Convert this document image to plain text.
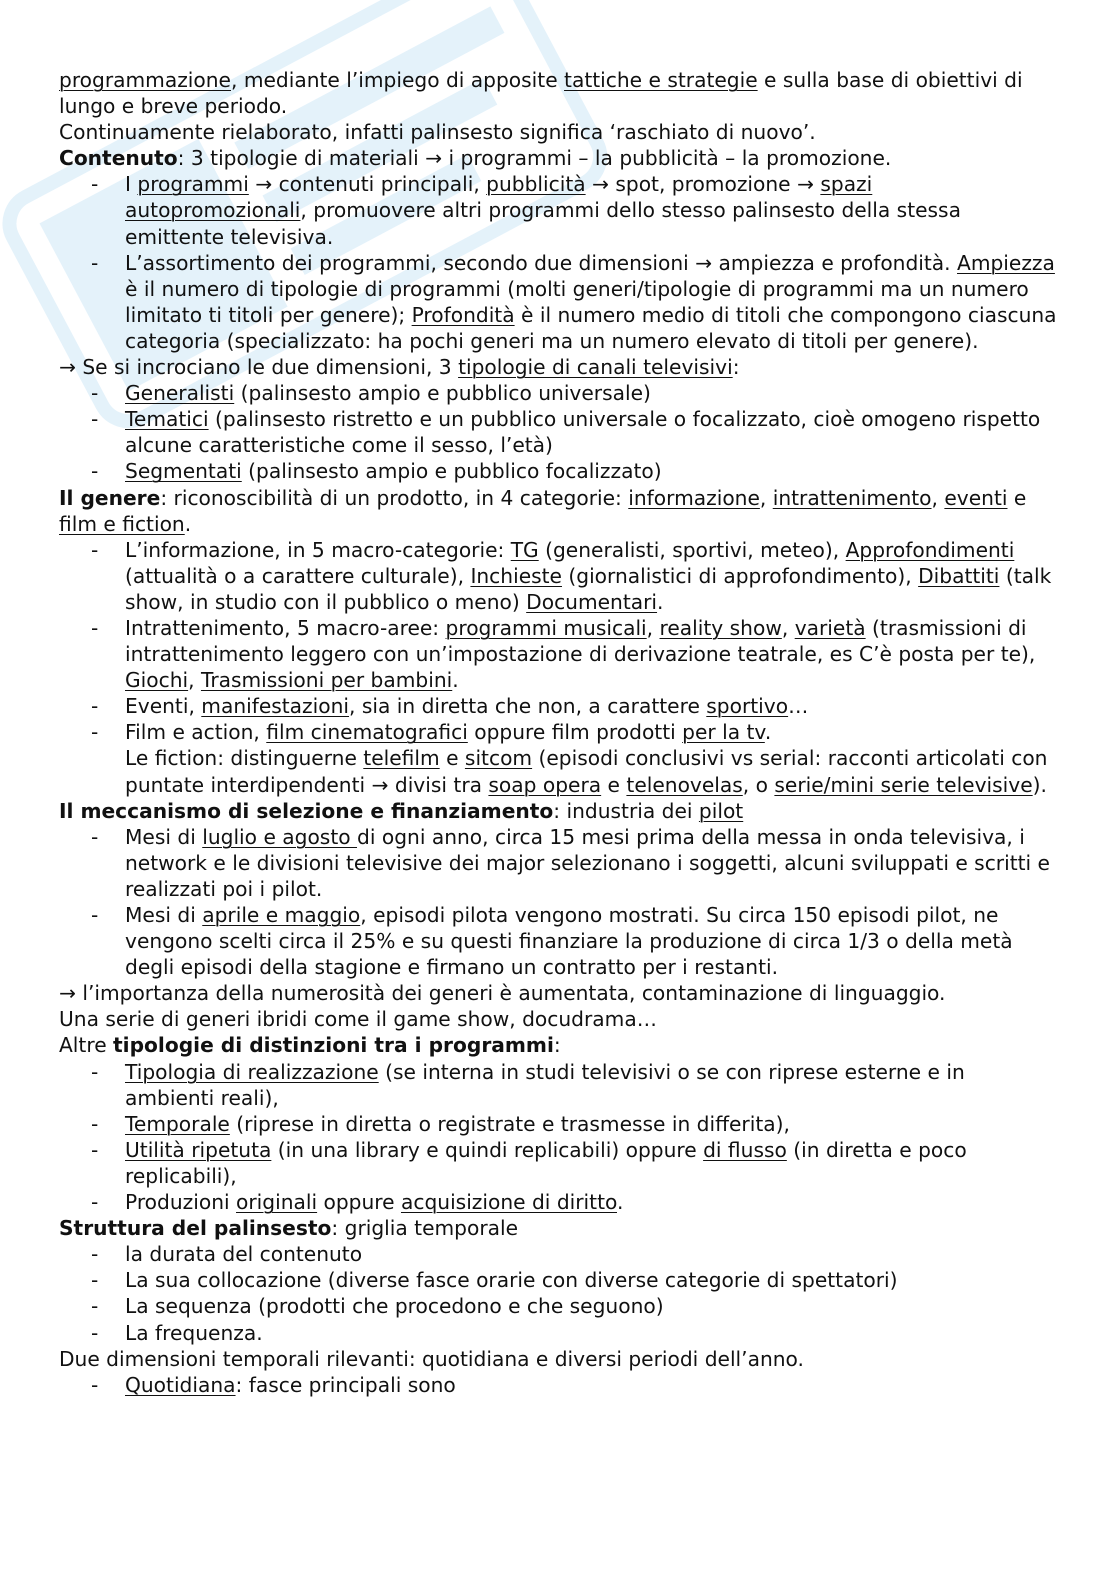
programmazione, mediante l’impiego di apposite tattiche e strategie e sulla base di obiettivi di lungo e breve periodo.
Continuamente rielaborato, infatti palinsesto significa ‘raschiato di nuovo’.
Contenuto: 3 tipologie di materiali → i programmi – la pubblicità – la promozione.
- I programmi → contenuti principali, pubblicità → spot, promozione → spazi autopromozionali, promuovere altri programmi dello stesso palinsesto della stessa emittente televisiva.
- L’assortimento dei programmi, secondo due dimensioni → ampiezza e profondità. Ampiezza è il numero di tipologie di programmi (molti generi/tipologie di programmi ma un numero limitato ti titoli per genere); Profondità è il numero medio di titoli che compongono ciascuna categoria (specializzato: ha pochi generi ma un numero elevato di titoli per genere).
→ Se si incrociano le due dimensioni, 3 tipologie di canali televisivi:
- Generalisti (palinsesto ampio e pubblico universale)
- Tematici (palinsesto ristretto e un pubblico universale o focalizzato, cioè omogeno rispetto alcune caratteristiche come il sesso, l’età)
- Segmentati (palinsesto ampio e pubblico focalizzato)
Il genere: riconoscibilità di un prodotto, in 4 categorie: informazione, intrattenimento, eventi e film e fiction.
- L’informazione, in 5 macro-categorie: TG (generalisti, sportivi, meteo), Approfondimenti (attualità o a carattere culturale), Inchieste (giornalistici di approfondimento), Dibattiti (talk show, in studio con il pubblico o meno) Documentari.
- Intrattenimento, 5 macro-aree: programmi musicali, reality show, varietà (trasmissioni di intrattenimento leggero con un’impostazione di derivazione teatrale, es C’è posta per te), Giochi, Trasmissioni per bambini.
- Eventi, manifestazioni, sia in diretta che non, a carattere sportivo…
- Film e action, film cinematografici oppure film prodotti per la tv.
Le fiction: distinguerne telefilm e sitcom (episodi conclusivi vs serial: racconti articolati con puntate interdipendenti → divisi tra soap opera e telenovelas, o serie/mini serie televisive).
Il meccanismo di selezione e finanziamento: industria dei pilot
- Mesi di luglio e agosto di ogni anno, circa 15 mesi prima della messa in onda televisiva, i network e le divisioni televisive dei major selezionano i soggetti, alcuni sviluppati e scritti e realizzati poi i pilot.
- Mesi di aprile e maggio, episodi pilota vengono mostrati. Su circa 150 episodi pilot, ne vengono scelti circa il 25% e su questi finanziare la produzione di circa 1/3 o della metà degli episodi della stagione e firmano un contratto per i restanti.
→ l’importanza della numerosità dei generi è aumentata, contaminazione di linguaggio.
Una serie di generi ibridi come il game show, docudrama…
Altre tipologie di distinzioni tra i programmi:
- Tipologia di realizzazione (se interna in studi televisivi o se con riprese esterne e in ambienti reali),
- Temporale (riprese in diretta o registrate e trasmesse in differita),
- Utilità ripetuta (in una library e quindi replicabili) oppure di flusso (in diretta e poco replicabili),
- Produzioni originali oppure acquisizione di diritto.
Struttura del palinsesto: griglia temporale
- la durata del contenuto
- La sua collocazione (diverse fasce orarie con diverse categorie di spettatori)
- La sequenza (prodotti che procedono e che seguono)
- La frequenza.
Due dimensioni temporali rilevanti: quotidiana e diversi periodi dell’anno.
- Quotidiana: fasce principali sono
